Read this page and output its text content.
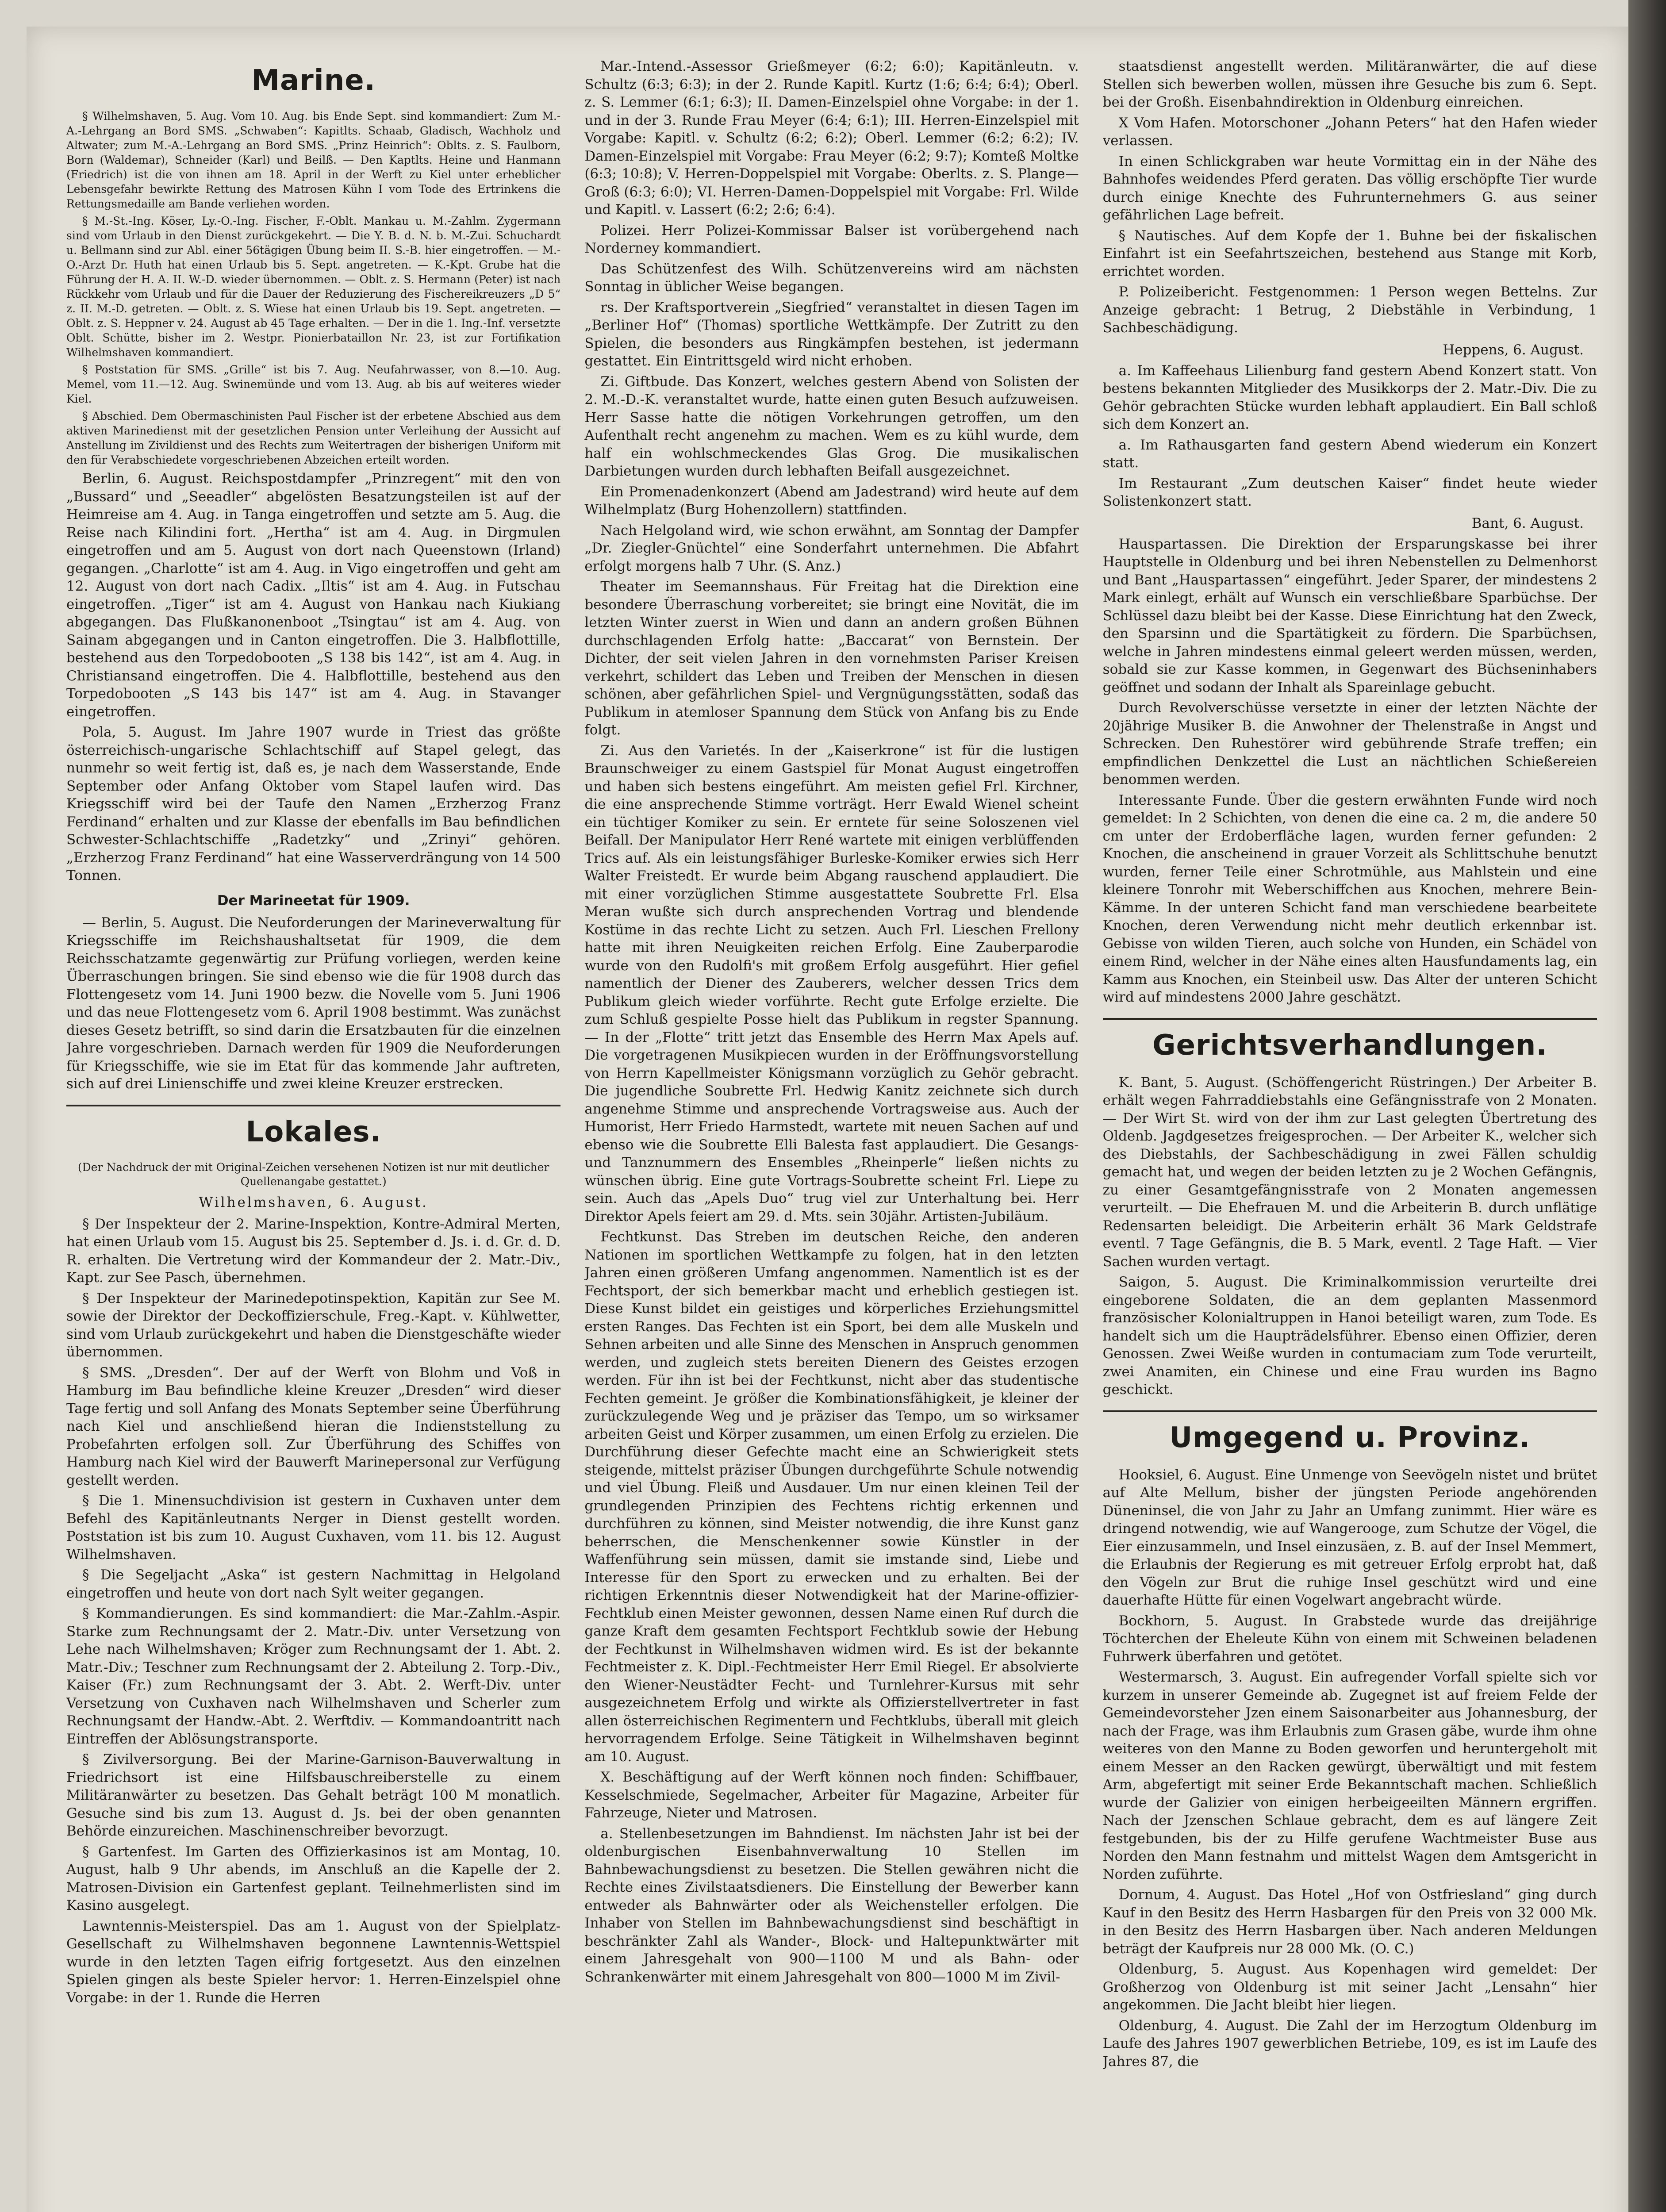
Marine.

§ Wilhelmshaven, 5. Aug. Vom 10. Aug. bis Ende Sept. sind kommandiert: Zum M.-A.-Lehrgang an Bord SMS. „Schwaben“: Kapitlts. Schaab, Gladisch, Wachholz und Altwater; zum M.-A.-Lehrgang an Bord SMS. „Prinz Heinrich“: Oblts. z. S. Faulborn, Born (Waldemar), Schneider (Karl) und Beilß. — Den Kaptlts. Heine und Hanmann (Friedrich) ist die von ihnen am 18. April in der Werft zu Kiel unter erheblicher Lebensgefahr bewirkte Rettung des Matrosen Kühn I vom Tode des Ertrinkens die Rettungsmedaille am Bande verliehen worden.

§ M.-St.-Ing. Köser, Ly.-O.-Ing. Fischer, F.-Oblt. Mankau u. M.-Zahlm. Zygermann sind vom Urlaub in den Dienst zurückgekehrt. — Die Y. B. d. N. b. M.-Zui. Schuchardt u. Bellmann sind zur Abl. einer 56tägigen Übung beim II. S.-B. hier eingetroffen. — M.-O.-Arzt Dr. Huth hat einen Urlaub bis 5. Sept. angetreten. — K.-Kpt. Grube hat die Führung der H. A. II. W.-D. wieder übernommen. — Oblt. z. S. Hermann (Peter) ist nach Rückkehr vom Urlaub und für die Dauer der Reduzierung des Fischereikreuzers „D 5“ z. II. M.-D. getreten. — Oblt. z. S. Wiese hat einen Urlaub bis 19. Sept. angetreten. — Oblt. z. S. Heppner v. 24. August ab 45 Tage erhalten. — Der in die 1. Ing.-Inf. versetzte Oblt. Schütte, bisher im 2. Westpr. Pionierbataillon Nr. 23, ist zur Fortifikation Wilhelmshaven kommandiert.

§ Poststation für SMS. „Grille“ ist bis 7. Aug. Neufahrwasser, von 8.—10. Aug. Memel, vom 11.—12. Aug. Swinemünde und vom 13. Aug. ab bis auf weiteres wieder Kiel.

§ Abschied. Dem Obermaschinisten Paul Fischer ist der erbetene Abschied aus dem aktiven Marinedienst mit der gesetzlichen Pension unter Verleihung der Aussicht auf Anstellung im Zivildienst und des Rechts zum Weitertragen der bisherigen Uniform mit den für Verabschiedete vorgeschriebenen Abzeichen erteilt worden.

Berlin, 6. August. Reichspostdampfer „Prinzregent“ mit den von „Bussard“ und „Seeadler“ abgelösten Besatzungsteilen ist auf der Heimreise am 4. Aug. in Tanga eingetroffen und setzte am 5. Aug. die Reise nach Kilindini fort. „Hertha“ ist am 4. Aug. in Dirgmulen eingetroffen und am 5. August von dort nach Queenstown (Irland) gegangen. „Charlotte“ ist am 4. Aug. in Vigo eingetroffen und geht am 12. August von dort nach Cadix. „Iltis“ ist am 4. Aug. in Futschau eingetroffen. „Tiger“ ist am 4. August von Hankau nach Kiukiang abgegangen. Das Flußkanonenboot „Tsingtau“ ist am 4. Aug. von Sainam abgegangen und in Canton eingetroffen. Die 3. Halbflottille, bestehend aus den Torpedobooten „S 138 bis 142“, ist am 4. Aug. in Christiansand eingetroffen. Die 4. Halbflottille, bestehend aus den Torpedobooten „S 143 bis 147“ ist am 4. Aug. in Stavanger eingetroffen.

Pola, 5. August. Im Jahre 1907 wurde in Triest das größte österreichisch-ungarische Schlachtschiff auf Stapel gelegt, das nunmehr so weit fertig ist, daß es, je nach dem Wasserstande, Ende September oder Anfang Oktober vom Stapel laufen wird. Das Kriegsschiff wird bei der Taufe den Namen „Erzherzog Franz Ferdinand“ erhalten und zur Klasse der ebenfalls im Bau befindlichen Schwester-Schlachtschiffe „Radetzky“ und „Zrinyi“ gehören. „Erzherzog Franz Ferdinand“ hat eine Wasserverdrängung von 14 500 Tonnen.

Der Marineetat für 1909.

— Berlin, 5. August. Die Neuforderungen der Marineverwaltung für Kriegsschiffe im Reichshaushaltsetat für 1909, die dem Reichsschatzamte gegenwärtig zur Prüfung vorliegen, werden keine Überraschungen bringen. Sie sind ebenso wie die für 1908 durch das Flottengesetz vom 14. Juni 1900 bezw. die Novelle vom 5. Juni 1906 und das neue Flottengesetz vom 6. April 1908 bestimmt. Was zunächst dieses Gesetz betrifft, so sind darin die Ersatzbauten für die einzelnen Jahre vorgeschrieben. Darnach werden für 1909 die Neuforderungen für Kriegsschiffe, wie sie im Etat für das kommende Jahr auftreten, sich auf drei Linienschiffe und zwei kleine Kreuzer erstrecken.

Lokales.

(Der Nachdruck der mit Original-Zeichen versehenen Notizen ist nur mit deutlicher Quellenangabe gestattet.)

Wilhelmshaven, 6. August.

§ Der Inspekteur der 2. Marine-Inspektion, Kontre-Admiral Merten, hat einen Urlaub vom 15. August bis 25. September d. Js. i. d. Gr. d. D. R. erhalten. Die Vertretung wird der Kommandeur der 2. Matr.-Div., Kapt. zur See Pasch, übernehmen.

§ Der Inspekteur der Marinedepotinspektion, Kapitän zur See M. sowie der Direktor der Deckoffizierschule, Freg.-Kapt. v. Kühlwetter, sind vom Urlaub zurückgekehrt und haben die Dienstgeschäfte wieder übernommen.

§ SMS. „Dresden“. Der auf der Werft von Blohm und Voß in Hamburg im Bau befindliche kleine Kreuzer „Dresden“ wird dieser Tage fertig und soll Anfang des Monats September seine Überführung nach Kiel und anschließend hieran die Indienststellung zu Probefahrten erfolgen soll. Zur Überführung des Schiffes von Hamburg nach Kiel wird der Bauwerft Marinepersonal zur Verfügung gestellt werden.

§ Die 1. Minensuchdivision ist gestern in Cuxhaven unter dem Befehl des Kapitänleutnants Nerger in Dienst gestellt worden. Poststation ist bis zum 10. August Cuxhaven, vom 11. bis 12. August Wilhelmshaven.

§ Die Segeljacht „Aska“ ist gestern Nachmittag in Helgoland eingetroffen und heute von dort nach Sylt weiter gegangen.

§ Kommandierungen. Es sind kommandiert: die Mar.-Zahlm.-Aspir. Starke zum Rechnungsamt der 2. Matr.-Div. unter Versetzung von Lehe nach Wilhelmshaven; Kröger zum Rechnungsamt der 1. Abt. 2. Matr.-Div.; Teschner zum Rechnungsamt der 2. Abteilung 2. Torp.-Div., Kaiser (Fr.) zum Rechnungsamt der 3. Abt. 2. Werft-Div. unter Versetzung von Cuxhaven nach Wilhelmshaven und Scherler zum Rechnungsamt der Handw.-Abt. 2. Werftdiv. — Kommandoantritt nach Eintreffen der Ablösungstransporte.

§ Zivilversorgung. Bei der Marine-Garnison-Bauverwaltung in Friedrichsort ist eine Hilfsbauschreiberstelle zu einem Militäranwärter zu besetzen. Das Gehalt beträgt 100 M monatlich. Gesuche sind bis zum 13. August d. Js. bei der oben genannten Behörde einzureichen. Maschinenschreiber bevorzugt.

§ Gartenfest. Im Garten des Offizierkasinos ist am Montag, 10. August, halb 9 Uhr abends, im Anschluß an die Kapelle der 2. Matrosen-Division ein Gartenfest geplant. Teilnehmerlisten sind im Kasino ausgelegt.

Lawntennis-Meisterspiel. Das am 1. August von der Spielplatz-Gesellschaft zu Wilhelmshaven begonnene Lawntennis-Wettspiel wurde in den letzten Tagen eifrig fortgesetzt. Aus den einzelnen Spielen gingen als beste Spieler hervor: 1. Herren-Einzelspiel ohne Vorgabe: in der 1. Runde die Herren

Mar.-Intend.-Assessor Grießmeyer (6:2; 6:0); Kapitänleutn. v. Schultz (6:3; 6:3); in der 2. Runde Kapitl. Kurtz (1:6; 6:4; 6:4); Oberl. z. S. Lemmer (6:1; 6:3); II. Damen-Einzelspiel ohne Vorgabe: in der 1. und in der 3. Runde Frau Meyer (6:4; 6:1); III. Herren-Einzelspiel mit Vorgabe: Kapitl. v. Schultz (6:2; 6:2); Oberl. Lemmer (6:2; 6:2); IV. Damen-Einzelspiel mit Vorgabe: Frau Meyer (6:2; 9:7); Komteß Moltke (6:3; 10:8); V. Herren-Doppelspiel mit Vorgabe: Oberlts. z. S. Plange—Groß (6:3; 6:0); VI. Herren-Damen-Doppelspiel mit Vorgabe: Frl. Wilde und Kapitl. v. Lassert (6:2; 2:6; 6:4).

Polizei. Herr Polizei-Kommissar Balser ist vorübergehend nach Norderney kommandiert.

Das Schützenfest des Wilh. Schützenvereins wird am nächsten Sonntag in üblicher Weise begangen.

rs. Der Kraftsportverein „Siegfried“ veranstaltet in diesen Tagen im „Berliner Hof“ (Thomas) sportliche Wettkämpfe. Der Zutritt zu den Spielen, die besonders aus Ringkämpfen bestehen, ist jedermann gestattet. Ein Eintrittsgeld wird nicht erhoben.

Zi. Giftbude. Das Konzert, welches gestern Abend von Solisten der 2. M.-D.-K. veranstaltet wurde, hatte einen guten Besuch aufzuweisen. Herr Sasse hatte die nötigen Vorkehrungen getroffen, um den Aufenthalt recht angenehm zu machen. Wem es zu kühl wurde, dem half ein wohlschmeckendes Glas Grog. Die musikalischen Darbietungen wurden durch lebhaften Beifall ausgezeichnet.

Ein Promenadenkonzert (Abend am Jadestrand) wird heute auf dem Wilhelmplatz (Burg Hohenzollern) stattfinden.

Nach Helgoland wird, wie schon erwähnt, am Sonntag der Dampfer „Dr. Ziegler-Gnüchtel“ eine Sonderfahrt unternehmen. Die Abfahrt erfolgt morgens halb 7 Uhr. (S. Anz.)

Theater im Seemannshaus. Für Freitag hat die Direktion eine besondere Überraschung vorbereitet; sie bringt eine Novität, die im letzten Winter zuerst in Wien und dann an andern großen Bühnen durchschlagenden Erfolg hatte: „Baccarat“ von Bernstein. Der Dichter, der seit vielen Jahren in den vornehmsten Pariser Kreisen verkehrt, schildert das Leben und Treiben der Menschen in diesen schönen, aber gefährlichen Spiel- und Vergnügungsstätten, sodaß das Publikum in atemloser Spannung dem Stück von Anfang bis zu Ende folgt.

Zi. Aus den Varietés. In der „Kaiserkrone“ ist für die lustigen Braunschweiger zu einem Gastspiel für Monat August eingetroffen und haben sich bestens eingeführt. Am meisten gefiel Frl. Kirchner, die eine ansprechende Stimme vorträgt. Herr Ewald Wienel scheint ein tüchtiger Komiker zu sein. Er erntete für seine Soloszenen viel Beifall. Der Manipulator Herr René wartete mit einigen verblüffenden Trics auf. Als ein leistungsfähiger Burleske-Komiker erwies sich Herr Walter Freistedt. Er wurde beim Abgang rauschend applaudiert. Die mit einer vorzüglichen Stimme ausgestattete Soubrette Frl. Elsa Meran wußte sich durch ansprechenden Vortrag und blendende Kostüme in das rechte Licht zu setzen. Auch Frl. Lieschen Frellony hatte mit ihren Neuigkeiten reichen Erfolg. Eine Zauberparodie wurde von den Rudolfi's mit großem Erfolg ausgeführt. Hier gefiel namentlich der Diener des Zauberers, welcher dessen Trics dem Publikum gleich wieder vorführte. Recht gute Erfolge erzielte. Die zum Schluß gespielte Posse hielt das Publikum in regster Spannung. — In der „Flotte“ tritt jetzt das Ensemble des Herrn Max Apels auf. Die vorgetragenen Musikpiecen wurden in der Eröffnungsvorstellung von Herrn Kapellmeister Königsmann vorzüglich zu Gehör gebracht. Die jugendliche Soubrette Frl. Hedwig Kanitz zeichnete sich durch angenehme Stimme und ansprechende Vortragsweise aus. Auch der Humorist, Herr Friedo Harmstedt, wartete mit neuen Sachen auf und ebenso wie die Soubrette Elli Balesta fast applaudiert. Die Gesangs- und Tanznummern des Ensembles „Rheinperle“ ließen nichts zu wünschen übrig. Eine gute Vortrags-Soubrette scheint Frl. Liepe zu sein. Auch das „Apels Duo“ trug viel zur Unterhaltung bei. Herr Direktor Apels feiert am 29. d. Mts. sein 30jähr. Artisten-Jubiläum.

Fechtkunst. Das Streben im deutschen Reiche, den anderen Nationen im sportlichen Wettkampfe zu folgen, hat in den letzten Jahren einen größeren Umfang angenommen. Namentlich ist es der Fechtsport, der sich bemerkbar macht und erheblich gestiegen ist. Diese Kunst bildet ein geistiges und körperliches Erziehungsmittel ersten Ranges. Das Fechten ist ein Sport, bei dem alle Muskeln und Sehnen arbeiten und alle Sinne des Menschen in Anspruch genommen werden, und zugleich stets bereiten Dienern des Geistes erzogen werden. Für ihn ist bei der Fechtkunst, nicht aber das studentische Fechten gemeint. Je größer die Kombinationsfähigkeit, je kleiner der zurückzulegende Weg und je präziser das Tempo, um so wirksamer arbeiten Geist und Körper zusammen, um einen Erfolg zu erzielen. Die Durchführung dieser Gefechte macht eine an Schwierigkeit stets steigende, mittelst präziser Übungen durchgeführte Schule notwendig und viel Übung. Fleiß und Ausdauer. Um nur einen kleinen Teil der grundlegenden Prinzipien des Fechtens richtig erkennen und durchführen zu können, sind Meister notwendig, die ihre Kunst ganz beherrschen, die Menschenkenner sowie Künstler in der Waffenführung sein müssen, damit sie imstande sind, Liebe und Interesse für den Sport zu erwecken und zu erhalten. Bei der richtigen Erkenntnis dieser Notwendigkeit hat der Marine-offizier-Fechtklub einen Meister gewonnen, dessen Name einen Ruf durch die ganze Kraft dem gesamten Fechtsport Fechtklub sowie der Hebung der Fechtkunst in Wilhelmshaven widmen wird. Es ist der bekannte Fechtmeister z. K. Dipl.-Fechtmeister Herr Emil Riegel. Er absolvierte den Wiener-Neustädter Fecht- und Turnlehrer-Kursus mit sehr ausgezeichnetem Erfolg und wirkte als Offizierstellvertreter in fast allen österreichischen Regimentern und Fechtklubs, überall mit gleich hervorragendem Erfolge. Seine Tätigkeit in Wilhelmshaven beginnt am 10. August.

X. Beschäftigung auf der Werft können noch finden: Schiffbauer, Kesselschmiede, Segelmacher, Arbeiter für Magazine, Arbeiter für Fahrzeuge, Nieter und Matrosen.

a. Stellenbesetzungen im Bahndienst. Im nächsten Jahr ist bei der oldenburgischen Eisenbahnverwaltung 10 Stellen im Bahnbewachungsdienst zu besetzen. Die Stellen gewähren nicht die Rechte eines Zivilstaatsdieners. Die Einstellung der Bewerber kann entweder als Bahnwärter oder als Weichensteller erfolgen. Die Inhaber von Stellen im Bahnbewachungsdienst sind beschäftigt in beschränkter Zahl als Wander-, Block- und Haltepunktwärter mit einem Jahresgehalt von 900—1100 M und als Bahn- oder Schrankenwärter mit einem Jahresgehalt von 800—1000 M im Zivil-

staatsdienst angestellt werden. Militäranwärter, die auf diese Stellen sich bewerben wollen, müssen ihre Gesuche bis zum 6. Sept. bei der Großh. Eisenbahndirektion in Oldenburg einreichen.

X Vom Hafen. Motorschoner „Johann Peters“ hat den Hafen wieder verlassen.

In einen Schlickgraben war heute Vormittag ein in der Nähe des Bahnhofes weidendes Pferd geraten. Das völlig erschöpfte Tier wurde durch einige Knechte des Fuhrunternehmers G. aus seiner gefährlichen Lage befreit.

§ Nautisches. Auf dem Kopfe der 1. Buhne bei der fiskalischen Einfahrt ist ein Seefahrtszeichen, bestehend aus Stange mit Korb, errichtet worden.

P. Polizeibericht. Festgenommen: 1 Person wegen Bettelns. Zur Anzeige gebracht: 1 Betrug, 2 Diebstähle in Verbindung, 1 Sachbeschädigung.

Heppens, 6. August.

a. Im Kaffeehaus Lilienburg fand gestern Abend Konzert statt. Von bestens bekannten Mitglieder des Musikkorps der 2. Matr.-Div. Die zu Gehör gebrachten Stücke wurden lebhaft applaudiert. Ein Ball schloß sich dem Konzert an.

a. Im Rathausgarten fand gestern Abend wiederum ein Konzert statt.

Im Restaurant „Zum deutschen Kaiser“ findet heute wieder Solistenkonzert statt.

Bant, 6. August.

Hauspartassen. Die Direktion der Ersparungskasse bei ihrer Hauptstelle in Oldenburg und bei ihren Nebenstellen zu Delmenhorst und Bant „Hauspartassen“ eingeführt. Jeder Sparer, der mindestens 2 Mark einlegt, erhält auf Wunsch ein verschließbare Sparbüchse. Der Schlüssel dazu bleibt bei der Kasse. Diese Einrichtung hat den Zweck, den Sparsinn und die Spartätigkeit zu fördern. Die Sparbüchsen, welche in Jahren mindestens einmal geleert werden müssen, werden, sobald sie zur Kasse kommen, in Gegenwart des Büchseninhabers geöffnet und sodann der Inhalt als Spareinlage gebucht.

Durch Revolverschüsse versetzte in einer der letzten Nächte der 20jährige Musiker B. die Anwohner der Thelenstraße in Angst und Schrecken. Den Ruhestörer wird gebührende Strafe treffen; ein empfindlichen Denkzettel die Lust an nächtlichen Schießereien benommen werden.

Interessante Funde. Über die gestern erwähnten Funde wird noch gemeldet: In 2 Schichten, von denen die eine ca. 2 m, die andere 50 cm unter der Erdoberfläche lagen, wurden ferner gefunden: 2 Knochen, die anscheinend in grauer Vorzeit als Schlittschuhe benutzt wurden, ferner Teile einer Schrotmühle, aus Mahlstein und eine kleinere Tonrohr mit Weberschiffchen aus Knochen, mehrere Bein-Kämme. In der unteren Schicht fand man verschiedene bearbeitete Knochen, deren Verwendung nicht mehr deutlich erkennbar ist. Gebisse von wilden Tieren, auch solche von Hunden, ein Schädel von einem Rind, welcher in der Nähe eines alten Hausfundaments lag, ein Kamm aus Knochen, ein Steinbeil usw. Das Alter der unteren Schicht wird auf mindestens 2000 Jahre geschätzt.

Gerichtsverhandlungen.

K. Bant, 5. August. (Schöffengericht Rüstringen.) Der Arbeiter B. erhält wegen Fahrraddiebstahls eine Gefängnisstrafe von 2 Monaten. — Der Wirt St. wird von der ihm zur Last gelegten Übertretung des Oldenb. Jagdgesetzes freigesprochen. — Der Arbeiter K., welcher sich des Diebstahls, der Sachbeschädigung in zwei Fällen schuldig gemacht hat, und wegen der beiden letzten zu je 2 Wochen Gefängnis, zu einer Gesamtgefängnisstrafe von 2 Monaten angemessen verurteilt. — Die Ehefrauen M. und die Arbeiterin B. durch unflätige Redensarten beleidigt. Die Arbeiterin erhält 36 Mark Geldstrafe eventl. 7 Tage Gefängnis, die B. 5 Mark, eventl. 2 Tage Haft. — Vier Sachen wurden vertagt.

Saigon, 5. August. Die Kriminalkommission verurteilte drei eingeborene Soldaten, die an dem geplanten Massenmord französischer Kolonialtruppen in Hanoi beteiligt waren, zum Tode. Es handelt sich um die Haupträdelsführer. Ebenso einen Offizier, deren Genossen. Zwei Weiße wurden in contumaciam zum Tode verurteilt, zwei Anamiten, ein Chinese und eine Frau wurden ins Bagno geschickt.

Umgegend u. Provinz.

Hooksiel, 6. August. Eine Unmenge von Seevögeln nistet und brütet auf Alte Mellum, bisher der jüngsten Periode angehörenden Düneninsel, die von Jahr zu Jahr an Umfang zunimmt. Hier wäre es dringend notwendig, wie auf Wangerooge, zum Schutze der Vögel, die Eier einzusammeln, und Insel einzusäen, z. B. auf der Insel Memmert, die Erlaubnis der Regierung es mit getreuer Erfolg erprobt hat, daß den Vögeln zur Brut die ruhige Insel geschützt wird und eine dauerhafte Hütte für einen Vogelwart angebracht würde.

Bockhorn, 5. August. In Grabstede wurde das dreijährige Töchterchen der Eheleute Kühn von einem mit Schweinen beladenen Fuhrwerk überfahren und getötet.

Westermarsch, 3. August. Ein aufregender Vorfall spielte sich vor kurzem in unserer Gemeinde ab. Zugegnet ist auf freiem Felde der Gemeindevorsteher Jzen einem Saisonarbeiter aus Johannesburg, der nach der Frage, was ihm Erlaubnis zum Grasen gäbe, wurde ihm ohne weiteres von den Manne zu Boden geworfen und heruntergeholt mit einem Messer an den Racken gewürgt, überwältigt und mit festem Arm, abgefertigt mit seiner Erde Bekanntschaft machen. Schließlich wurde der Galizier von einigen herbeigeeilten Männern ergriffen. Nach der Jzenschen Schlaue gebracht, dem es auf längere Zeit festgebunden, bis der zu Hilfe gerufene Wachtmeister Buse aus Norden den Mann festnahm und mittelst Wagen dem Amtsgericht in Norden zuführte.

Dornum, 4. August. Das Hotel „Hof von Ostfriesland“ ging durch Kauf in den Besitz des Herrn Hasbargen für den Preis von 32 000 Mk. in den Besitz des Herrn Hasbargen über. Nach anderen Meldungen beträgt der Kaufpreis nur 28 000 Mk. (O. C.)

Oldenburg, 5. August. Aus Kopenhagen wird gemeldet: Der Großherzog von Oldenburg ist mit seiner Jacht „Lensahn“ hier angekommen. Die Jacht bleibt hier liegen.

Oldenburg, 4. August. Die Zahl der im Herzogtum Oldenburg im Laufe des Jahres 1907 gewerblichen Betriebe, 109, es ist im Laufe des Jahres 87, die
